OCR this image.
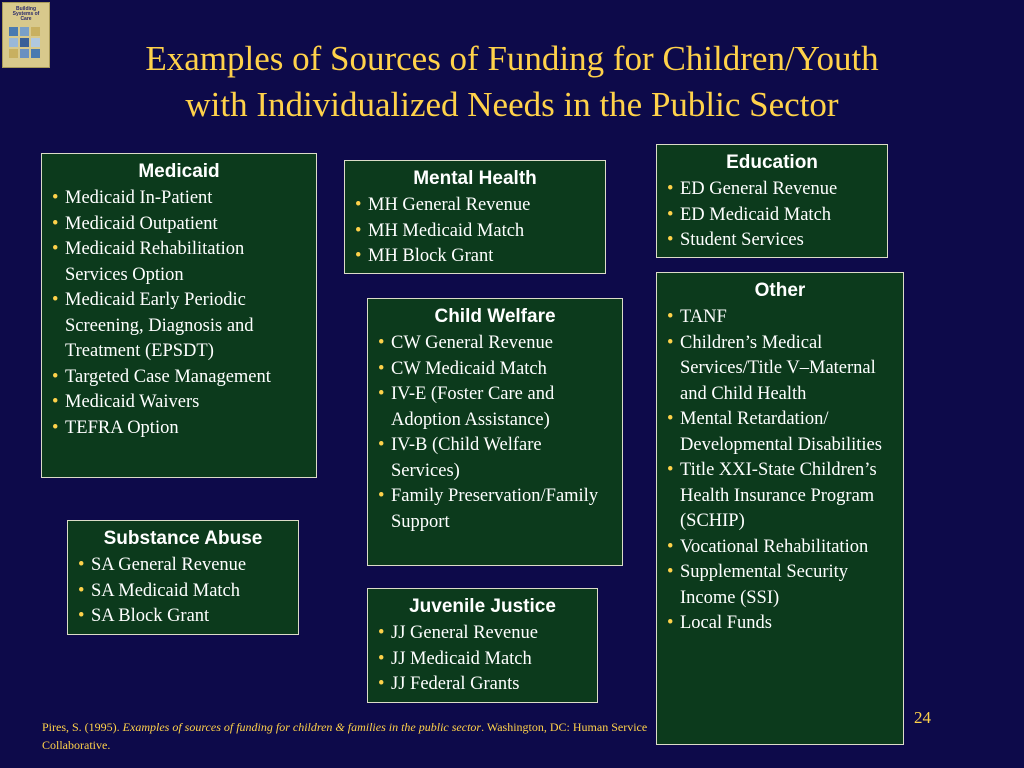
Building Systems of Care
Examples of Sources of Funding for Children/Youth
with Individualized Needs in the Public Sector
Medicaid
• Medicaid In-Patient
• Medicaid Outpatient
• Medicaid Rehabilitation Services Option
• Medicaid Early Periodic Screening, Diagnosis and Treatment (EPSDT)
• Targeted Case Management
• Medicaid Waivers
• TEFRA Option
Mental Health
• MH General Revenue
• MH Medicaid Match
• MH Block Grant
Education
• ED General Revenue
• ED Medicaid Match
• Student Services
Child Welfare
• CW General Revenue
• CW Medicaid Match
• IV-E (Foster Care and Adoption Assistance)
• IV-B (Child Welfare Services)
• Family Preservation/Family Support
Other
• TANF
• Children’s Medical Services/Title V–Maternal and Child Health
• Mental Retardation/ Developmental Disabilities
• Title XXI-State Children’s Health Insurance Program (SCHIP)
• Vocational Rehabilitation
• Supplemental Security Income (SSI)
• Local Funds
Substance Abuse
• SA General Revenue
• SA Medicaid Match
• SA Block Grant	Juvenile Justice
• JJ General Revenue
• JJ Medicaid Match
• JJ Federal Grants
Pires, S. (1995). Examples of sources of funding for children & families in the public sector. Washington, DC: Human Service Collaborative.
24
